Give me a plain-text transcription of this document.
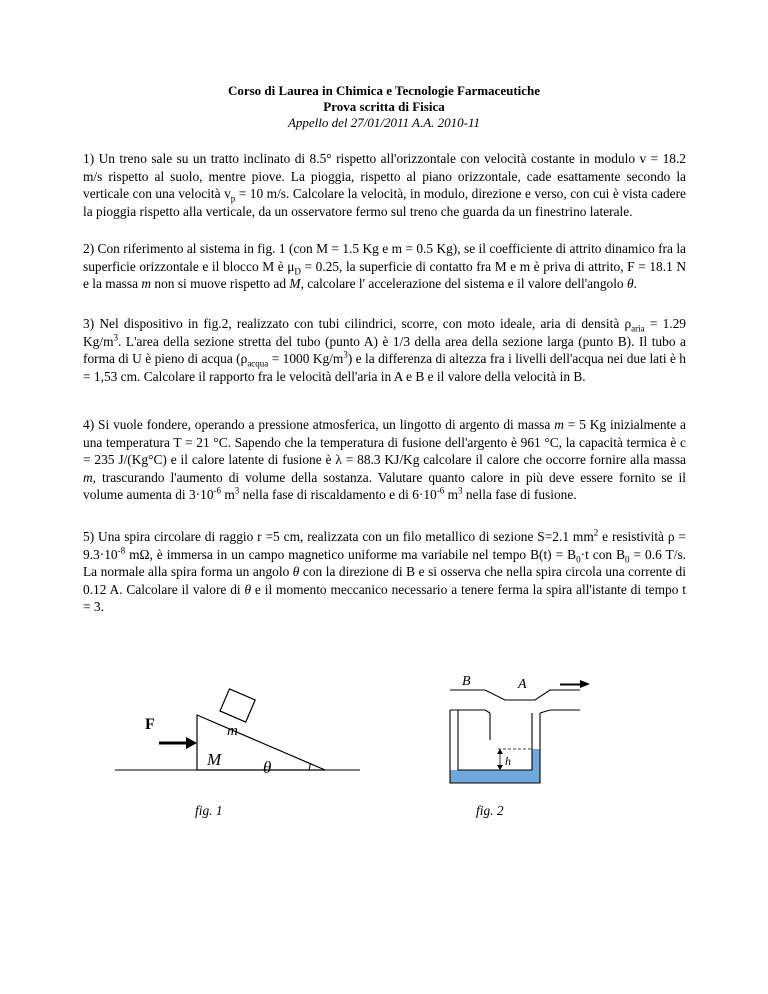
Corso di Laurea in Chimica e Tecnologie Farmaceutiche
Prova scritta di Fisica
Appello del 27/01/2011 A.A. 2010-11
1) Un treno sale su un tratto inclinato di 8.5° rispetto all'orizzontale con velocità costante in modulo v = 18.2 m/s rispetto al suolo, mentre piove. La pioggia, rispetto al piano orizzontale, cade esattamente secondo la verticale con una velocità $v_p = 10$ m/s. Calcolare la velocità, in modulo, direzione e verso, con cui è vista cadere la pioggia rispetto alla verticale, da un osservatore fermo sul treno che guarda da un finestrino laterale.
2) Con riferimento al sistema in fig. 1 (con M = 1.5 Kg e m = 0.5 Kg), se il coefficiente di attrito dinamico fra la superficie orizzontale e il blocco M è $\mu_D = 0.25$, la superficie di contatto fra M e m è priva di attrito, F = 18.1 N e la massa m non si muove rispetto ad M, calcolare l' accelerazione del sistema e il valore dell'angolo θ.
3) Nel dispositivo in fig.2, realizzato con tubi cilindrici, scorre, con moto ideale, aria di densità $\rho_{aria} = 1.29$ $Kg/m^3$. L'area della sezione stretta del tubo (punto A) è 1/3 della area della sezione larga (punto B). Il tubo a forma di U è pieno di acqua ($\rho_{acqua} = 1000$ $Kg/m^3$) e la differenza di altezza fra i livelli dell'acqua nei due lati è h = 1,53 cm. Calcolare il rapporto fra le velocità dell'aria in A e B e il valore della velocità in B.
4) Si vuole fondere, operando a pressione atmosferica, un lingotto di argento di massa m = 5 Kg inizialmente a una temperatura T = 21 °C. Sapendo che la temperatura di fusione dell'argento è 961 °C, la capacità termica è c = 235 J/(Kg°C) e il calore latente di fusione è λ = 88.3 KJ/Kg calcolare il calore che occorre fornire alla massa m, trascurando l'aumento di volume della sostanza. Valutare quanto calore in più deve essere fornito se il volume aumenta di $3\cdot 10^{-6}$ $m^3$ nella fase di riscaldamento e di $6\cdot 10^{-6}$ $m^3$ nella fase di fusione.
5) Una spira circolare di raggio r =5 cm, realizzata con un filo metallico di sezione S=2.1 $mm^2$ e resistività $\rho = 9.3\cdot 10^{-8}$ mΩ, è immersa in un campo magnetico uniforme ma variabile nel tempo $B(t) = B_0\cdot t$ con $B_0 = 0.6$ T/s. La normale alla spira forma un angolo θ con la direzione di B e si osserva che nella spira circola una corrente di 0.12 A. Calcolare il valore di θ e il momento meccanico necessario a tenere ferma la spira all'istante di tempo t = 3.
F	m
M θ
fig. 1
B	A
h
fig. 2
